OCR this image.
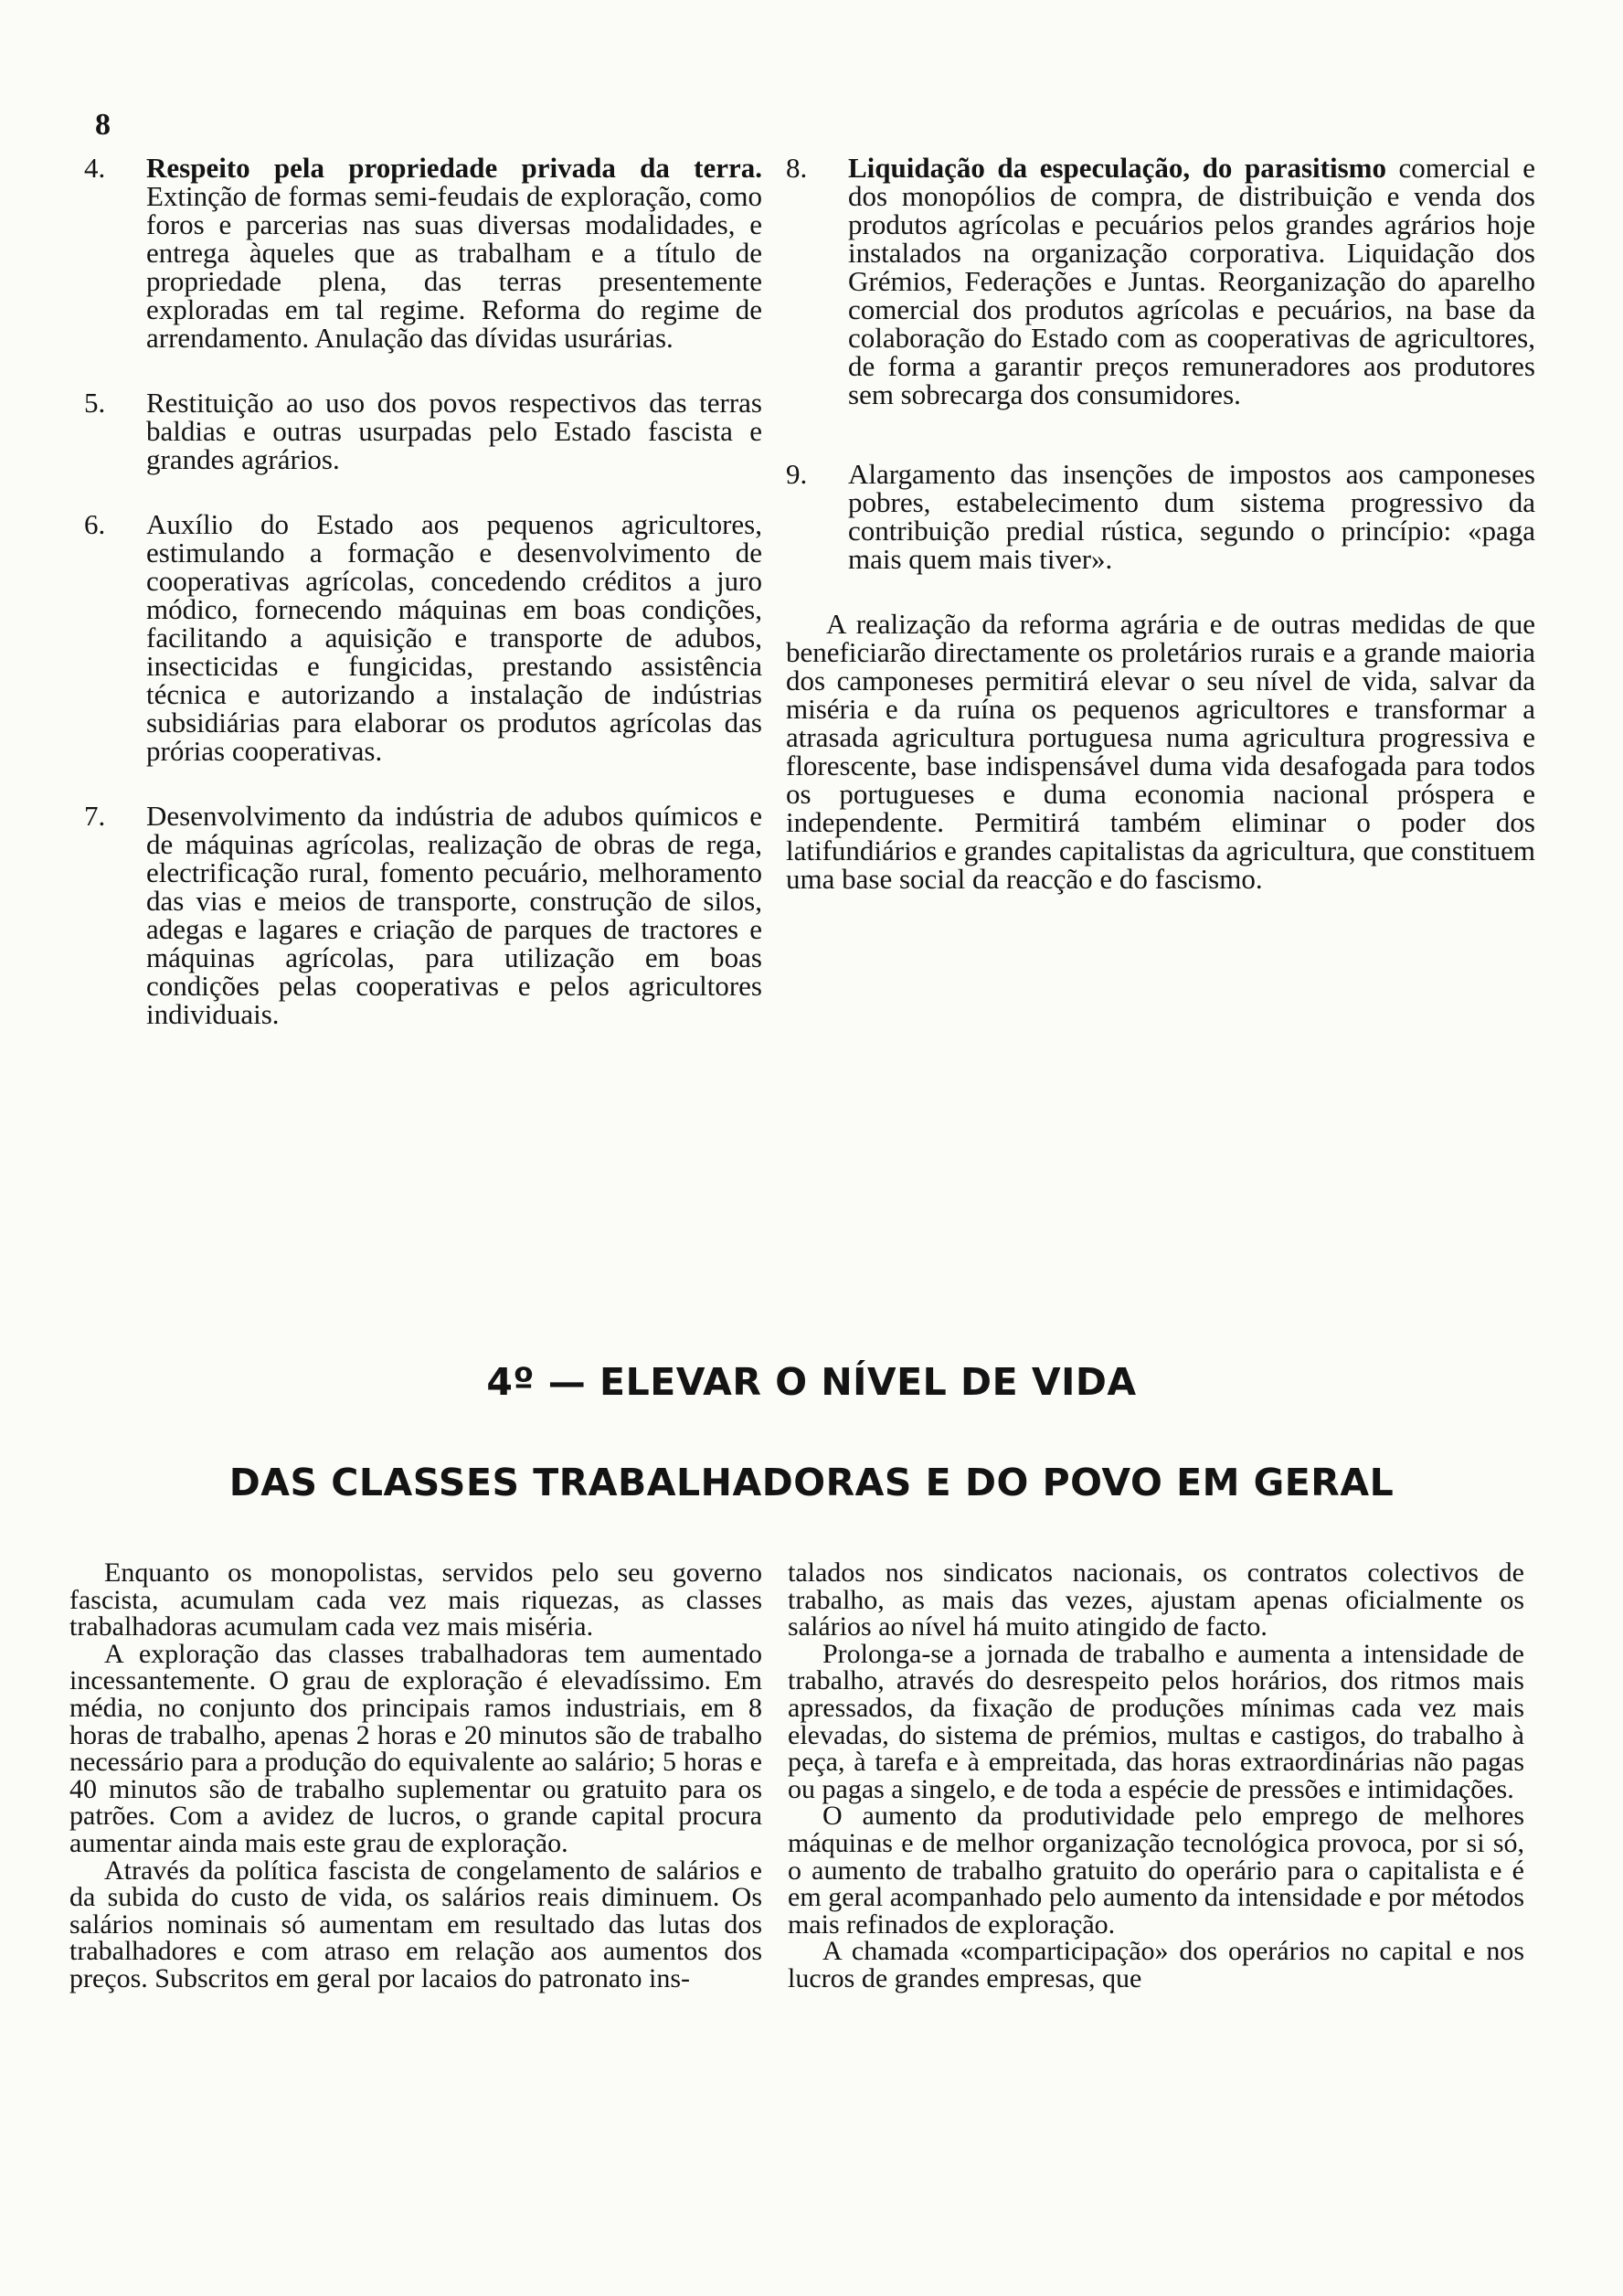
8
4.	Respeito pela propriedade privada da terra. Extinção de formas semi-feudais de exploração, como foros e parcerias nas suas diversas modalidades, e entrega àqueles que as trabalham e a título de propriedade plena, das terras presentemente exploradas em tal regime. Reforma do regime de arrendamento. Anulação das dívidas usurárias.
5.	Restituição ao uso dos povos respectivos das terras baldias e outras usurpadas pelo Estado fascista e grandes agrários.
6.	Auxílio do Estado aos pequenos agricultores, estimulando a formação e desenvolvimento de cooperativas agrícolas, concedendo créditos a juro módico, fornecendo máquinas em boas condições, facilitando a aquisição e transporte de adubos, insecticidas e fungicidas, prestando assistência técnica e autorizando a instalação de indústrias subsidiárias para elaborar os produtos agrícolas das prórias cooperativas.
7.	Desenvolvimento da indústria de adubos químicos e de máquinas agrícolas, realização de obras de rega, electrificação rural, fomento pecuário, melhoramento das vias e meios de transporte, construção de silos, adegas e lagares e criação de parques de tractores e máquinas agrícolas, para utilização em boas condições pelas cooperativas e pelos agricultores individuais.
8.	Liquidação da especulação, do parasitismo comercial e dos monopólios de compra, de distribuição e venda dos produtos agrícolas e pecuários pelos grandes agrários hoje instalados na organização corporativa. Liquidação dos Grémios, Federações e Juntas. Reorganização do aparelho comercial dos produtos agrícolas e pecuários, na base da colaboração do Estado com as cooperativas de agricultores, de forma a garantir preços remuneradores aos produtores sem sobrecarga dos consumidores.
9.	Alargamento das insenções de impostos aos camponeses pobres, estabelecimento dum sistema progressivo da contribuição predial rústica, segundo o princípio: «paga mais quem mais tiver».

A realização da reforma agrária e de outras medidas de que beneficiarão directamente os proletários rurais e a grande maioria dos camponeses permitirá elevar o seu nível de vida, salvar da miséria e da ruína os pequenos agricultores e transformar a atrasada agricultura portuguesa numa agricultura progressiva e florescente, base indispensável duma vida desafogada para todos os portugueses e duma economia nacional próspera e independente. Permitirá também eliminar o poder dos latifundiários e grandes capitalistas da agricultura, que constituem uma base social da reacção e do fascismo.

4º — ELEVAR O NÍVEL DE VIDA
DAS CLASSES TRABALHADORAS E DO POVO EM GERAL

Enquanto os monopolistas, servidos pelo seu governo fascista, acumulam cada vez mais riquezas, as classes trabalhadoras acumulam cada vez mais miséria.

A exploração das classes trabalhadoras tem aumentado incessantemente. O grau de exploração é elevadíssimo. Em média, no conjunto dos principais ramos industriais, em 8 horas de trabalho, apenas 2 horas e 20 minutos são de trabalho necessário para a produção do equivalente ao salário; 5 horas e 40 minutos são de trabalho suplementar ou gratuito para os patrões. Com a avidez de lucros, o grande capital procura aumentar ainda mais este grau de exploração.

Através da política fascista de congelamento de salários e da subida do custo de vida, os salários reais diminuem. Os salários nominais só aumentam em resultado das lutas dos trabalhadores e com atraso em relação aos aumentos dos preços. Subscritos em geral por lacaios do patronato ins-

talados nos sindicatos nacionais, os contratos colectivos de trabalho, as mais das vezes, ajustam apenas oficialmente os salários ao nível há muito atingido de facto.

Prolonga-se a jornada de trabalho e aumenta a intensidade de trabalho, através do desrespeito pelos horários, dos ritmos mais apressados, da fixação de produções mínimas cada vez mais elevadas, do sistema de prémios, multas e castigos, do trabalho à peça, à tarefa e à empreitada, das horas extraordinárias não pagas ou pagas a singelo, e de toda a espécie de pressões e intimidações.

O aumento da produtividade pelo emprego de melhores máquinas e de melhor organização tecnológica provoca, por si só, o aumento de trabalho gratuito do operário para o capitalista e é em geral acompanhado pelo aumento da intensidade e por métodos mais refinados de exploração.

A chamada «comparticipação» dos operários no capital e nos lucros de grandes empresas, que
